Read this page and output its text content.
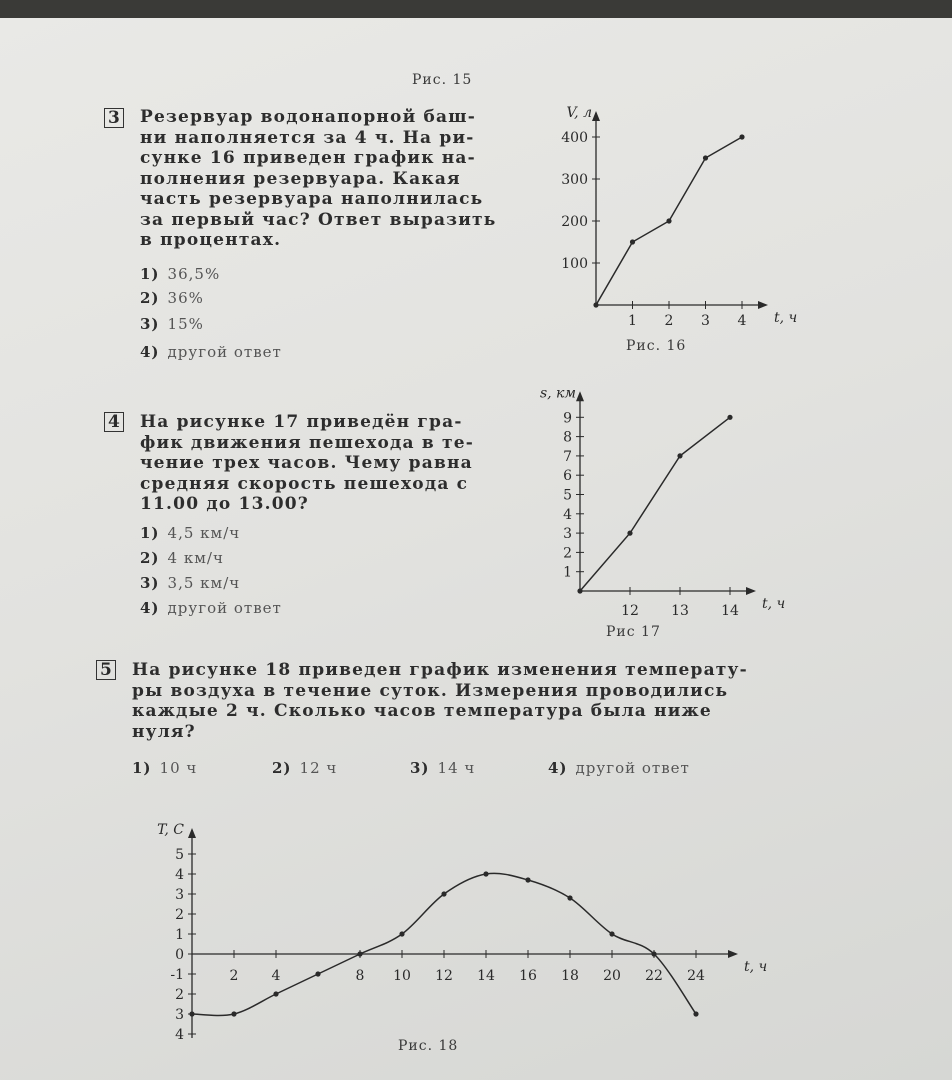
Рис. 15
3 Резервуар водонапорной баш-
ни наполняется за 4 ч. На ри-
сунке 16 приведен график на-
полнения резервуара. Какая
часть резервуара наполнилась
за первый час? Ответ выразить
в процентах.
1) 36,5%
2) 36%
3) 15%
4) другой ответ
V, л
t, ч
100
200
300
400
1 2 3 4
Рис. 16
4 На рисунке 17 приведён гра-
фик движения пешехода в те-
чение трех часов. Чему равна
средняя скорость пешехода с
11.00 до 13.00?
1) 4,5 км/ч
2) 4 км/ч
3) 3,5 км/ч
4) другой ответ
s, км
t, ч
1
2
3
4
5
6
7
8
9
12 13 14
Рис 17
5 На рисунке 18 приведен график изменения температу-
ры воздуха в течение суток. Измерения проводились
каждые 2 ч. Сколько часов температура была ниже
нуля?
1) 10 ч	2) 12 ч	3) 14 ч	4) другой ответ
T, C
t, ч
5
4
3
2
1
0
-1
2
3
4
2 4	8 10 12 14 16 18 20 22 24
Рис. 18
